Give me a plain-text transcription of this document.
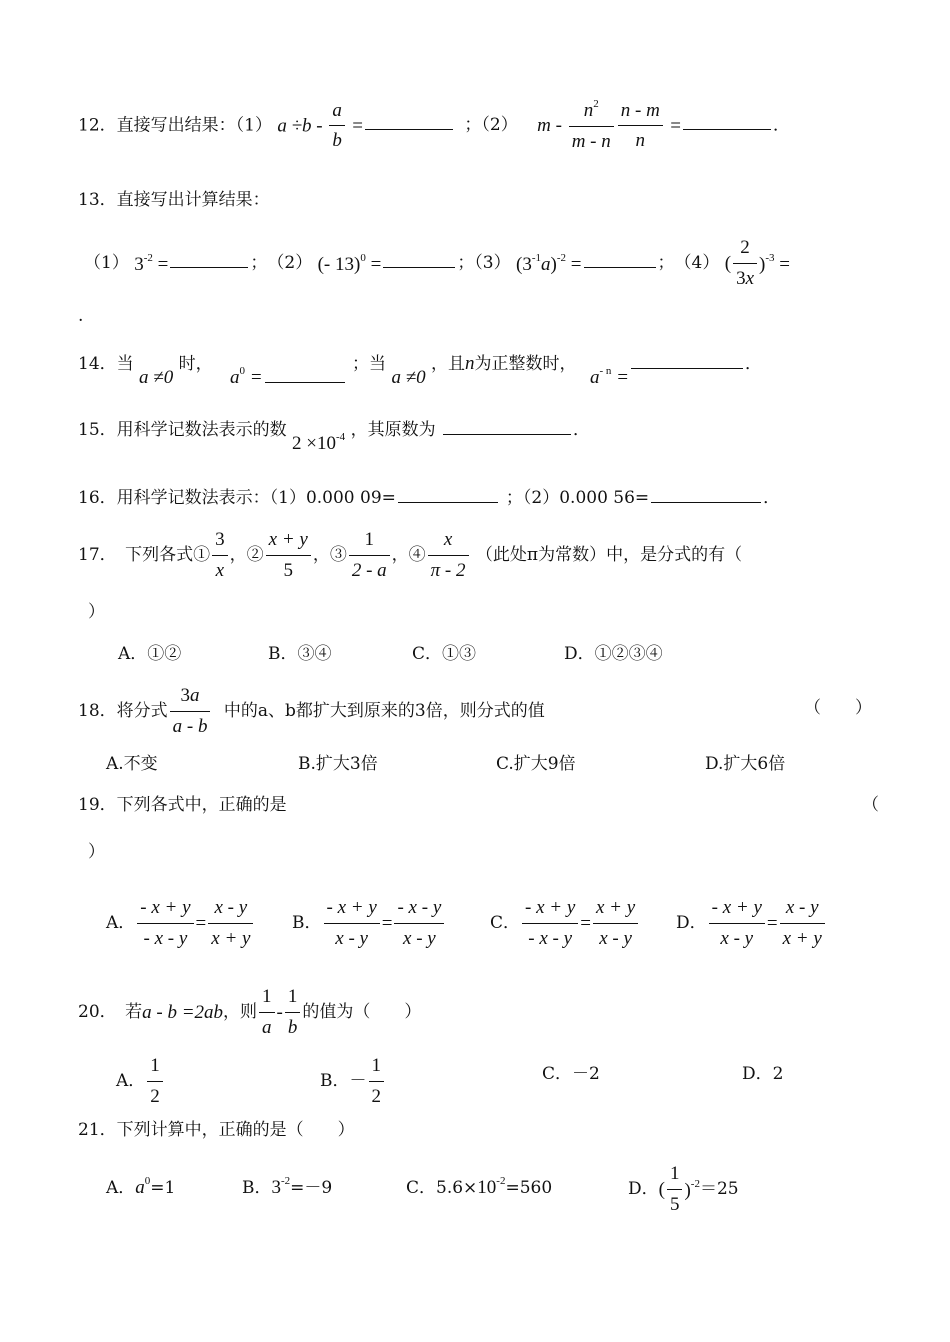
12．直接写出结果：（1） $a \div b - \frac{a}{b}$ =	；（2） m - $\frac{n^2}{m - n} \frac{n - m}{n}$ =	．
13．直接写出计算结果：
（1） $3^{-2}$ =	；　（2） (- 13)$^0$ =	；（3） $(3^{-1}a)^{-2}$ =	；　（4） ( $\frac{2}{3x} )^{-3}$ =
.
14．当 a ≠0 时， $a^0$ = ；当 a ≠0 ，且n为正整数时， $a^{- n}$ =．
15．用科学记数法表示的数 $2 \times 10^{-4}$ ，其原数为	．
16．用科学记数法表示：（1）0.000 09=	；（2）0.000 56=	．
17．　下列各式① $\frac{3}{x}$ ，② $\frac{x + y}{5}$ ，③ $\frac{1}{2 - a}$ ，④ $\frac{x}{\pi - 2}$ （此处π为常数）中，是分式的有（
）
A．①②	B．③④	C．①③	D．①②③④
18．将分式 $\frac{3a}{a - b}$ 中的a、b都扩大到原来的3倍，则分式的值	（　　）
A.不变	B.扩大3倍	C.扩大9倍	D.扩大6倍
19．下列各式中，正确的是	（
）
A． $\frac{- x + y}{- x - y} = \frac{x - y}{x + y}$ B． $\frac{- x + y}{x - y} = \frac{- x - y}{x - y}$	C． $\frac{- x + y}{- x - y} = \frac{x + y}{x - y}$ D． $\frac{- x + y}{x - y} = \frac{x - y}{x + y}$
20．　若a - b =2ab，则 $\frac{1}{a} - \frac{1}{b}$ 的值为（　　）
A． $\frac{1}{2}$	B．－ $\frac{1}{2}$	C．－2	D．2
21．下列计算中，正确的是（　　）
A．$a^0=1$	B．$3^{-2}=-9$	C．$5.6\times 10^{-2}=560$	D．( $\frac{1}{5} )^{-2}=25$
